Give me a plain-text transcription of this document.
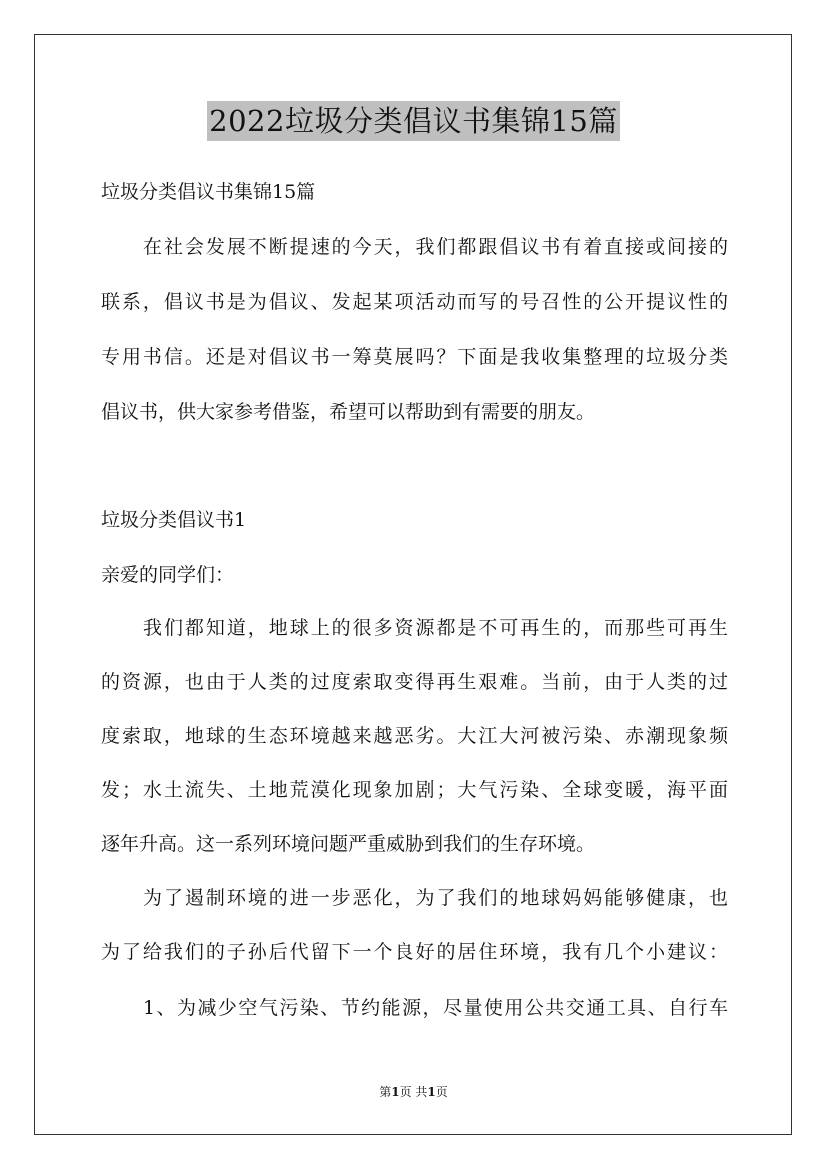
2022垃圾分类倡议书集锦15篇
垃圾分类倡议书集锦15篇
在社会发展不断提速的今天，我们都跟倡议书有着直接或间接的
联系，倡议书是为倡议、发起某项活动而写的号召性的公开提议性的
专用书信。还是对倡议书一筹莫展吗？下面是我收集整理的垃圾分类
倡议书，供大家参考借鉴，希望可以帮助到有需要的朋友。
垃圾分类倡议书1
亲爱的同学们：
我们都知道，地球上的很多资源都是不可再生的，而那些可再生
的资源，也由于人类的过度索取变得再生艰难。当前，由于人类的过
度索取，地球的生态环境越来越恶劣。大江大河被污染、赤潮现象频
发；水土流失、土地荒漠化现象加剧；大气污染、全球变暖，海平面
逐年升高。这一系列环境问题严重威胁到我们的生存环境。
为了遏制环境的进一步恶化，为了我们的地球妈妈能够健康，也
为了给我们的子孙后代留下一个良好的居住环境，我有几个小建议：
1、为减少空气污染、节约能源，尽量使用公共交通工具、自行车
第1页 共1页
